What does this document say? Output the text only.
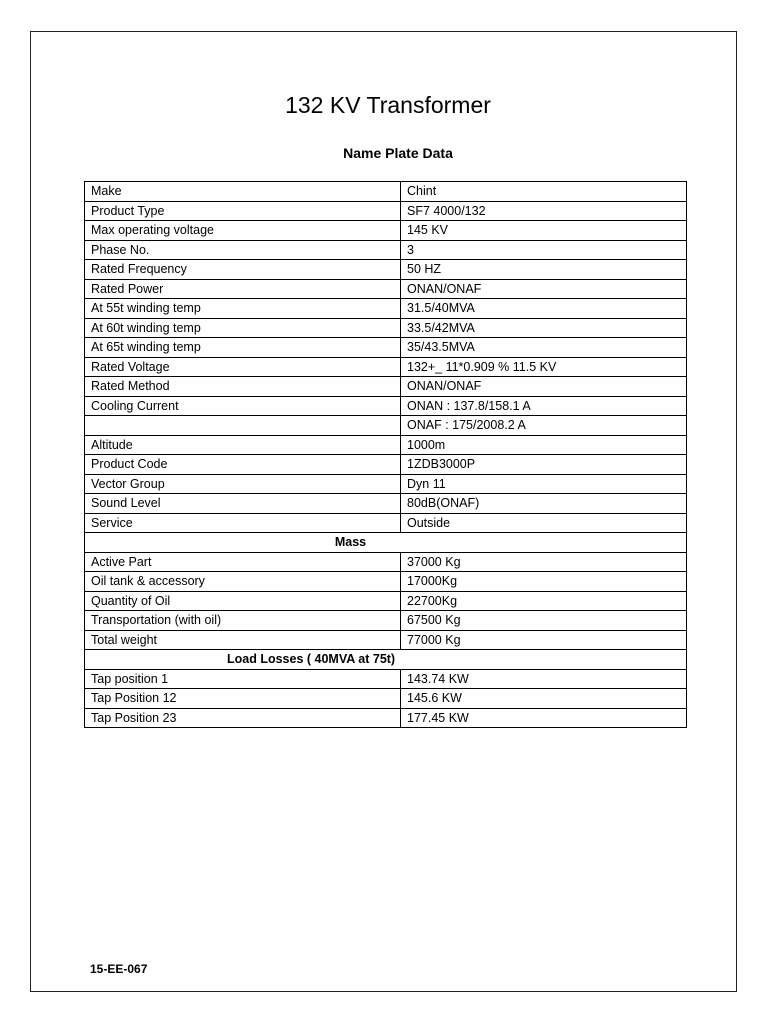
132 KV Transformer
Name Plate Data
Make	Chint
Product Type	SF7 4000/132
Max operating voltage	145 KV
Phase No.	3
Rated Frequency	50 HZ
Rated Power	ONAN/ONAF
At 55t winding temp	31.5/40MVA
At 60t winding temp	33.5/42MVA
At 65t winding temp	35/43.5MVA
Rated Voltage	132+_ 11*0.909 % 11.5 KV
Rated Method	ONAN/ONAF
Cooling Current	ONAN : 137.8/158.1 A
	ONAF : 175/2008.2 A
Altitude	1000m
Product Code	1ZDB3000P
Vector Group	Dyn 11
Sound Level	80dB(ONAF)
Service	Outside
Mass	
Active Part	37000 Kg
Oil tank & accessory	17000Kg
Quantity of Oil	22700Kg
Transportation (with oil)	67500 Kg
Total weight	77000 Kg
Load Losses ( 40MVA at 75t)	
Tap position 1	143.74 KW
Tap Position 12	145.6 KW
Tap Position 23	177.45 KW
15-EE-067
